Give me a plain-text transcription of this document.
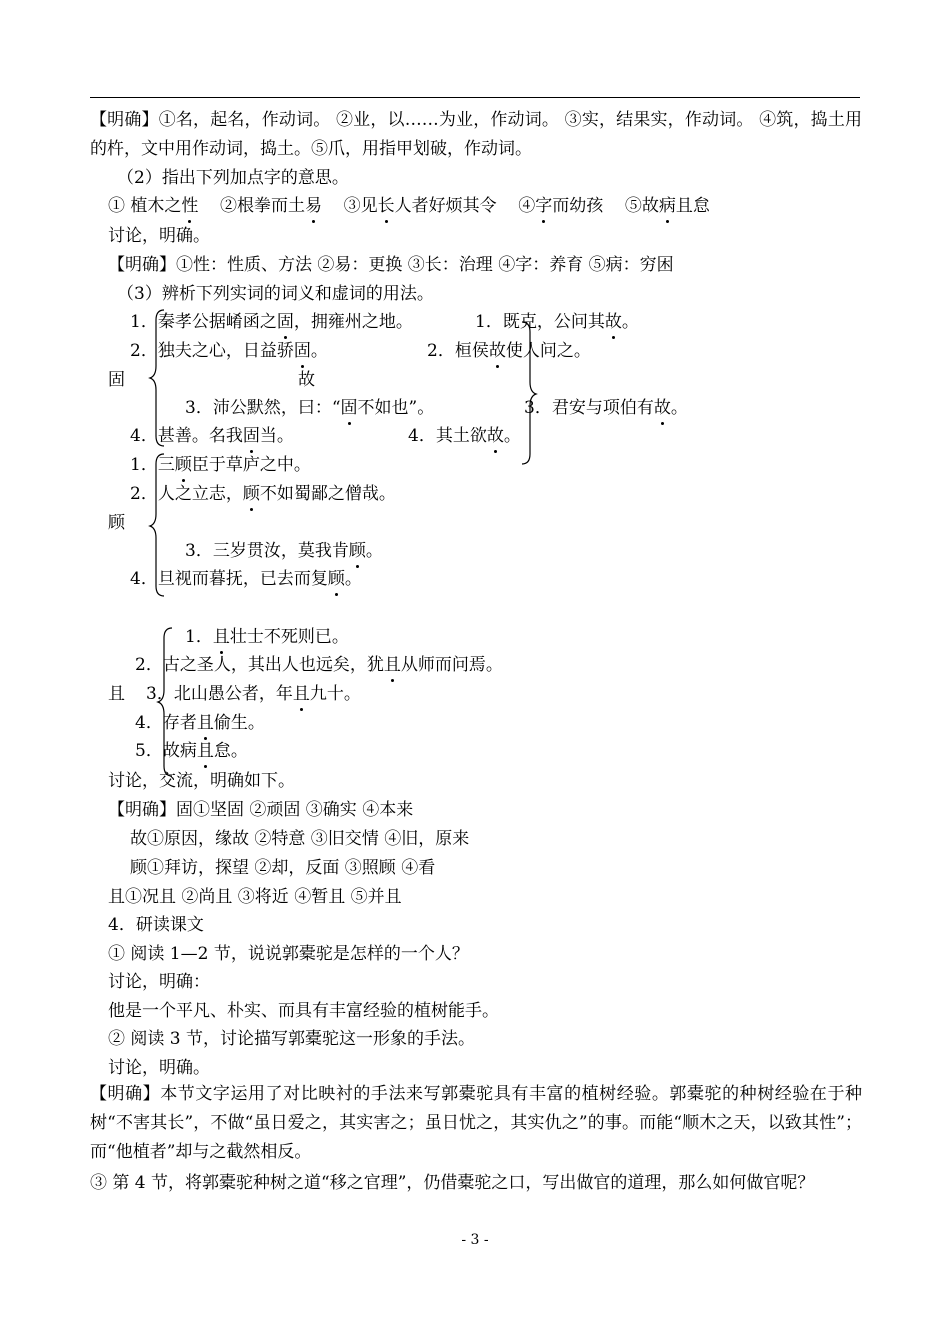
【明确】①名，起名，作动词。 ②业，以……为业，作动词。 ③实，结果实，作动词。 ④筑，捣土用的杵，文中用作动词，捣土。⑤爪，用指甲划破，作动词。
（2）指出下列加点字的意思。
① 植木之性 ②根拳而土易 ③见长人者好烦其令 ④字而幼孩 ⑤故病且怠
讨论，明确。
【明确】①性：性质、方法 ②易：更换 ③长：治理 ④字：养育 ⑤病：穷困
（3）辨析下列实词的词义和虚词的用法。
1．秦孝公据崤函之固，拥雍州之地。	1．既克，公问其故。
2．独夫之心，日益骄固。	2．桓侯故使人问之。
固	故
3．沛公默然，曰：“固不如也”。	3．君安与项伯有故。
4．甚善。名我固当。	4．其土欲故。
1．三顾臣于草庐之中。
2．人之立志，顾不如蜀鄙之僧哉。
顾
3．三岁贯汝，莫我肯顾。
4．旦视而暮抚，已去而复顾。
1．且壮士不死则已。
2．古之圣人，其出人也远矣，犹且从师而问焉。
且 3．北山愚公者，年且九十。
4．存者且偷生。
5．故病且怠。
讨论，交流，明确如下。
【明确】固①坚固 ②顽固 ③确实 ④本来
故①原因，缘故 ②特意 ③旧交情 ④旧，原来
顾①拜访，探望 ②却，反面 ③照顾 ④看
且①况且 ②尚且 ③将近 ④暂且 ⑤并且
4．研读课文
① 阅读 1—2 节，说说郭橐驼是怎样的一个人？
讨论，明确：
他是一个平凡、朴实、而具有丰富经验的植树能手。
② 阅读 3 节，讨论描写郭橐驼这一形象的手法。
讨论，明确。
【明确】本节文字运用了对比映衬的手法来写郭橐驼具有丰富的植树经验。郭橐驼的种树经验在于种树“不害其长”，不做“虽日爱之，其实害之；虽日忧之，其实仇之”的事。而能“顺木之天，以致其性”；而“他植者”却与之截然相反。
③ 第 4 节，将郭橐驼种树之道“移之官理”，仍借橐驼之口，写出做官的道理，那么如何做官呢？
- 3 -
